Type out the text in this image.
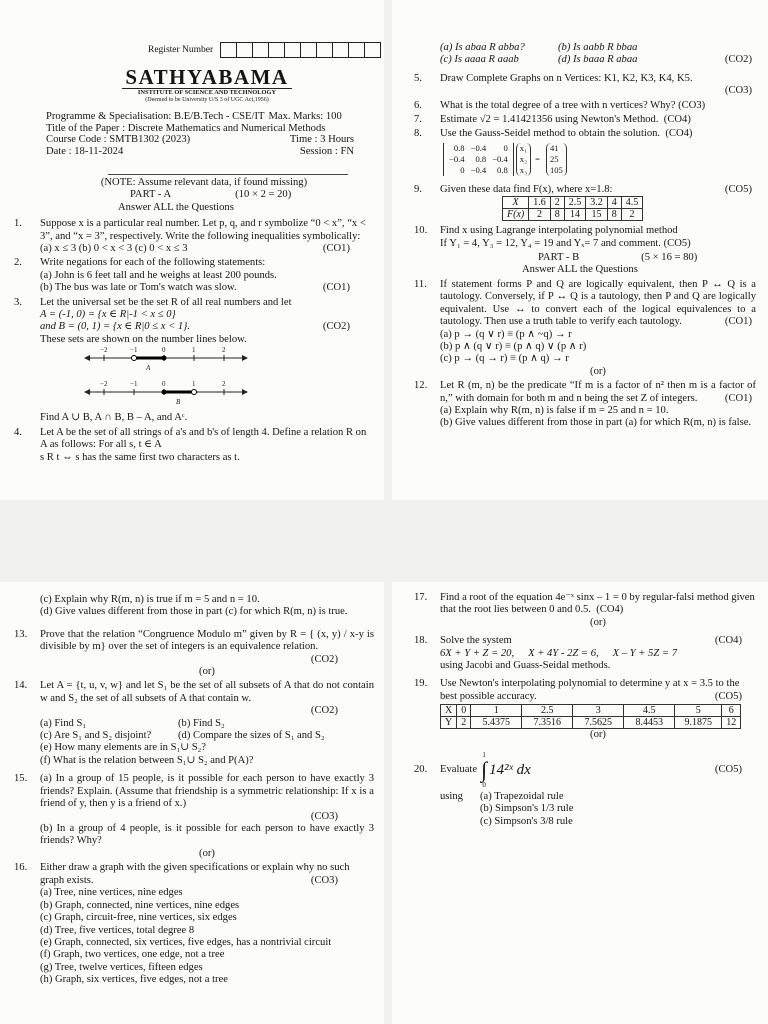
Register Number
SATHYABAMA
INSTITUTE OF SCIENCE AND TECHNOLOGY
(Deemed to be University U/S 3 of UGC Act,1956)
Programme & Specialisation: B.E/B.Tech - CSE/IT Max. Marks: 100
Title of the Paper : Discrete Mathematics and Numerical Methods
Course Code : SMTB1302 (2023)	Time : 3 Hours
Date : 18-11-2024	Session : FN
(NOTE: Assume relevant data, if found missing)
PART - A	(10 × 2 = 20)
Answer ALL the Questions
1.	Suppose x is a particular real number. Let p, q, and r symbolize “0 < x”, “x < 3”, and “x = 3”, respectively. Write the following inequalities symbolically:
(a) x ≤ 3 (b) 0 < x < 3 (c) 0 < x ≤ 3	(CO1)
2.	Write negations for each of the following statements:
(a) John is 6 feet tall and he weighs at least 200 pounds.
(b) The bus was late or Tom's watch was slow.	(CO1)
3.	Let the universal set be the set R of all real numbers and let
A = (-1, 0) = {x ∈ R|-1 < x ≤ 0}
and B = (0, 1) = {x ∈ R|0 ≤ x < 1}.	(CO2)
These sets are shown on the number lines below.
−2	−1	0	1	2
A
−2	−1	0	1	2
B
Find A ∪ B, A ∩ B, B – A, and Aᶜ.
4.	Let A be the set of all strings of a's and b's of length 4. Define a relation R on A as follows: For all s, t ∈ A
s R t ⇔ s has the same first two characters as t.
(a) Is abaa R abba?	(b) Is aabb R bbaa
(c) Is aaaa R aaab	(d) Is baaa R abaa	(CO2)
5.	Draw Complete Graphs on n Vertices: K1, K2, K3, K4, K5.
(CO3)
6.	What is the total degree of a tree with n vertices? Why? (CO3)
7.	Estimate √2 = 1.41421356 using Newton's Method. (CO4)
8.	Use the Gauss-Seidel method to obtain the solution. (CO4)
0.8	−0.4	0
−0.4	0.8	−0.4
0	−0.4	0.8
x₁
x₂
x₃
=
41
25
105
9.	Given these data find F(x), where x=1.8:	(CO5)
X	1.6	2	2.5	3.2	4	4.5
F(x)	2	8	14	15	8	2
10.	Find x using Lagrange interpolating polynomial method
If Y₁ = 4, Y₃ = 12, Y₄ = 19 and Yₓ= 7 and comment. (CO5)
PART - B	(5 × 16 = 80)
Answer ALL the Questions
11.	If statement forms P and Q are logically equivalent, then P ↔ Q is a tautology. Conversely, if P ↔ Q is a tautology, then P and Q are logically equivalent. Use ↔ to convert each of the logical equivalences to a tautology. Then use a truth table to verify each tautology.	(CO1)
(a) p → (q ∨ r) ≡ (p ∧ ~q) → r
(b) p ∧ (q ∨ r) ≡ (p ∧ q) ∨ (p ∧ r)
(c) p → (q → r) ≡ (p ∧ q) → r
(or)
12.	Let R (m, n) be the predicate “If m is a factor of n² then m is a factor of n,” with domain for both m and n being the set Z of integers.	(CO1)
(a) Explain why R(m, n) is false if m = 25 and n = 10.
(b) Give values different from those in part (a) for which R(m, n) is false.
(c) Explain why R(m, n) is true if m = 5 and n = 10.
(d) Give values different from those in part (c) for which R(m, n) is true.
13.	Prove that the relation “Congruence Modulo m” given by R = { (x, y) / x-y is divisible by m} over the set of integers is an equivalence relation.
(CO2)
(or)
14.	Let A = {t, u, v, w} and let S₁ be the set of all subsets of A that do not contain w and S₂ the set of all subsets of A that contain w.
(CO2)
(a) Find S₁	(b) Find S₂
(c) Are S₁ and S₂ disjoint?	(d) Compare the sizes of S₁ and S₂
(e) How many elements are in S₁∪ S₂?
(f) What is the relation between S₁∪ S₂ and P(A)?
15.	(a) In a group of 15 people, is it possible for each person to have exactly 3 friends? Explain. (Assume that friendship is a symmetric relationship: If x is a friend of y, then y is a friend of x.)
(CO3)
(b) In a group of 4 people, is it possible for each person to have exactly 3 friends? Why?
(or)
16.	Either draw a graph with the given specifications or explain why no such graph exists.	(CO3)
(a) Tree, nine vertices, nine edges
(b) Graph, connected, nine vertices, nine edges
(c) Graph, circuit-free, nine vertices, six edges
(d) Tree, five vertices, total degree 8
(e) Graph, connected, six vertices, five edges, has a nontrivial circuit
(f) Graph, two vertices, one edge, not a tree
(g) Tree, twelve vertices, fifteen edges
(h) Graph, six vertices, five edges, not a tree
17.	Find a root of the equation 4e⁻ˣ sinx – 1 = 0 by regular-falsi method given that the root lies between 0 and 0.5. (CO4)
(or)
18.	Solve the system	(CO4)
6X + Y + Z = 20, X + 4Y - 2Z = 6, X – Y + 5Z = 7
using Jacobi and Guass-Seidal methods.
19.	Use Newton's interpolating polynomial to determine y at x = 3.5 to the best possible accuracy.	(CO5)
X	0	1	2.5	3	4.5	5	6
Y	2	5.4375	7.3516	7.5625	8.4453	9.1875	12
(or)
20.	Evaluate
1
∫
0
14²ˣ dx	(CO5)
using	(a) Trapezoidal rule
(b) Simpson's 1/3 rule
(c) Simpson's 3/8 rule
